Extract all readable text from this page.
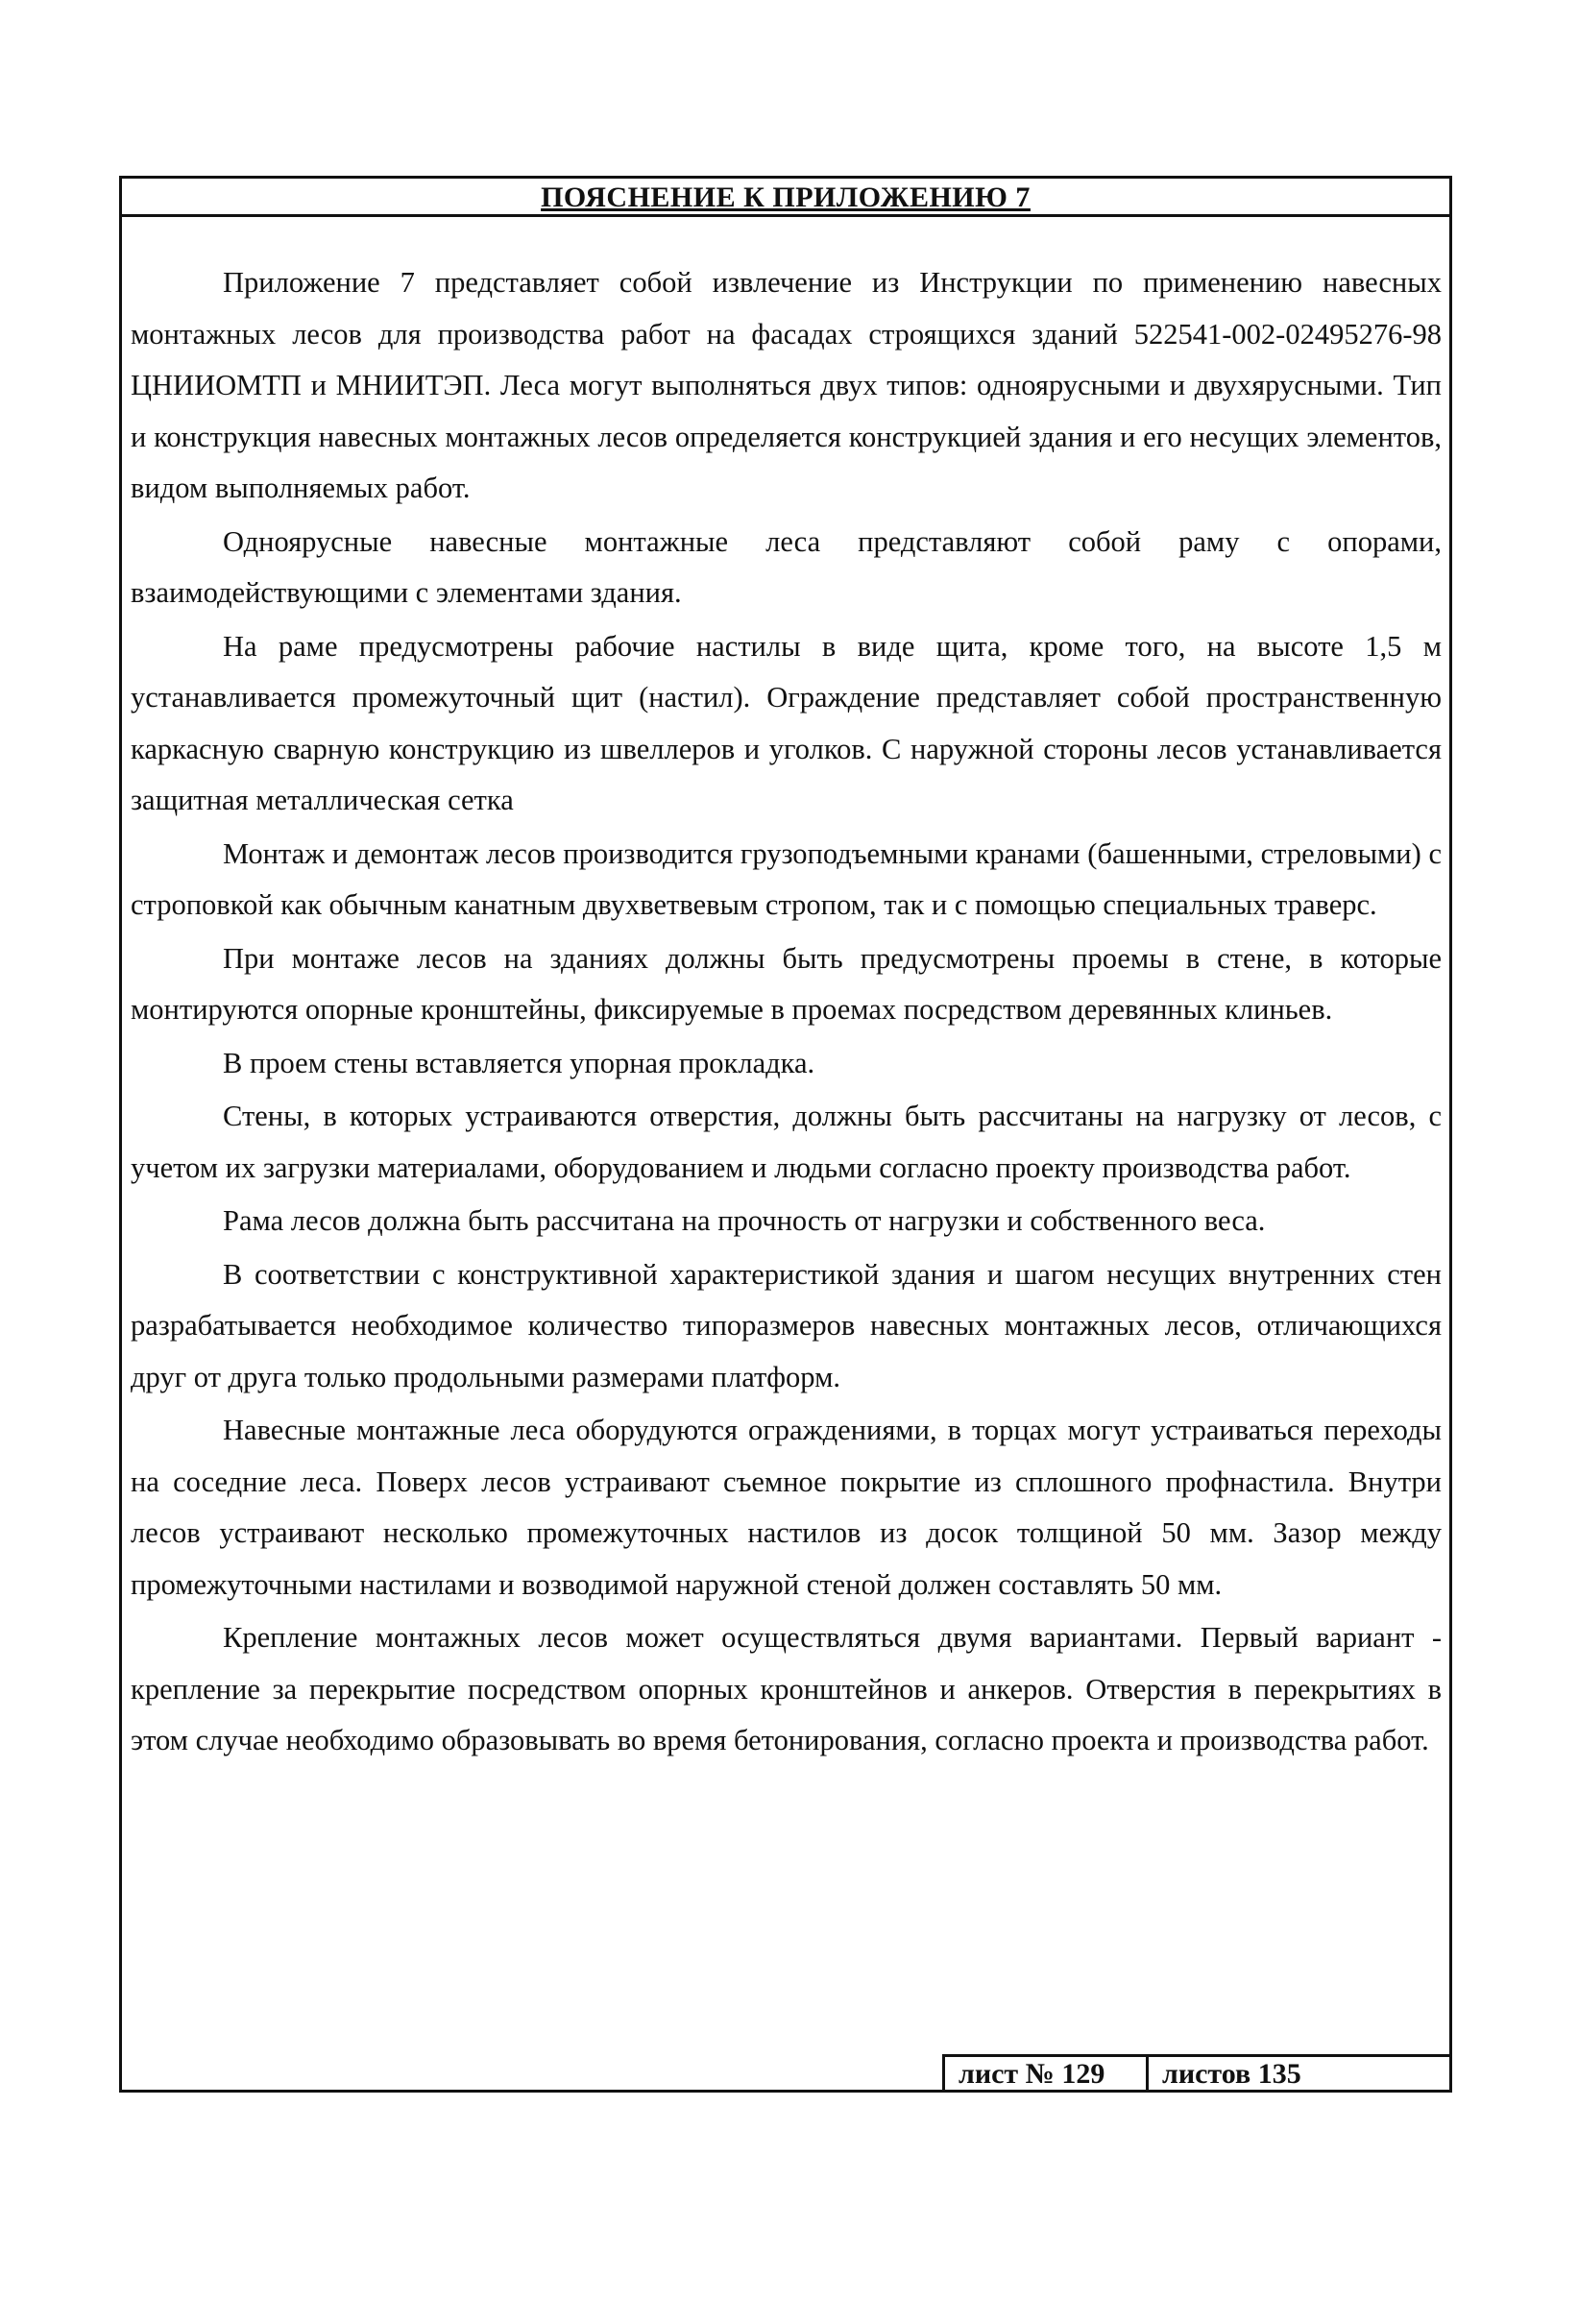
ПОЯСНЕНИЕ К ПРИЛОЖЕНИЮ 7

Приложение 7 представляет собой извлечение из Инструкции по применению навесных монтажных лесов для производства работ на фасадах строящихся зданий 522541-002-02495276-98 ЦНИИОМТП и МНИИТЭП. Леса могут выполняться двух типов: одноярусными и двухярусными. Тип и конструкция навесных монтажных лесов определяется конструкцией здания и его несущих элементов, видом выполняемых работ.

Одноярусные навесные монтажные леса представляют собой раму с опорами, взаимодействующими с элементами здания.

На раме предусмотрены рабочие настилы в виде щита, кроме того, на высоте 1,5 м устанавливается промежуточный щит (настил). Ограждение представляет собой пространственную каркасную сварную конструкцию из швеллеров и уголков. С наружной стороны лесов устанавливается защитная металлическая сетка

Монтаж и демонтаж лесов производится грузоподъемными кранами (башенными, стреловыми) с строповкой как обычным канатным двухветвевым стропом, так и с помощью специальных траверс.

При монтаже лесов на зданиях должны быть предусмотрены проемы в стене, в которые монтируются опорные кронштейны, фиксируемые в проемах посредством деревянных клиньев.

В проем стены вставляется упорная прокладка.

Стены, в которых устраиваются отверстия, должны быть рассчитаны на нагрузку от лесов, с учетом их загрузки материалами, оборудованием и людьми согласно проекту производства работ.

Рама лесов должна быть рассчитана на прочность от нагрузки и собственного веса.

В соответствии с конструктивной характеристикой здания и шагом несущих внутренних стен разрабатывается необходимое количество типоразмеров навесных монтажных лесов, отличающихся друг от друга только продольными размерами платформ.

Навесные монтажные леса оборудуются ограждениями, в торцах могут устраиваться переходы на соседние леса. Поверх лесов устраивают съемное покрытие из сплошного профнастила. Внутри лесов устраивают несколько промежуточных настилов из досок толщиной 50 мм. Зазор между промежуточными настилами и возводимой наружной стеной должен составлять 50 мм.

Крепление монтажных лесов может осуществляться двумя вариантами. Первый вариант - крепление за перекрытие посредством опорных кронштейнов и анкеров. Отверстия в перекрытиях в этом случае необходимо образовывать во время бетонирования, согласно проекта и производства работ.

лист № 129	листов 135
